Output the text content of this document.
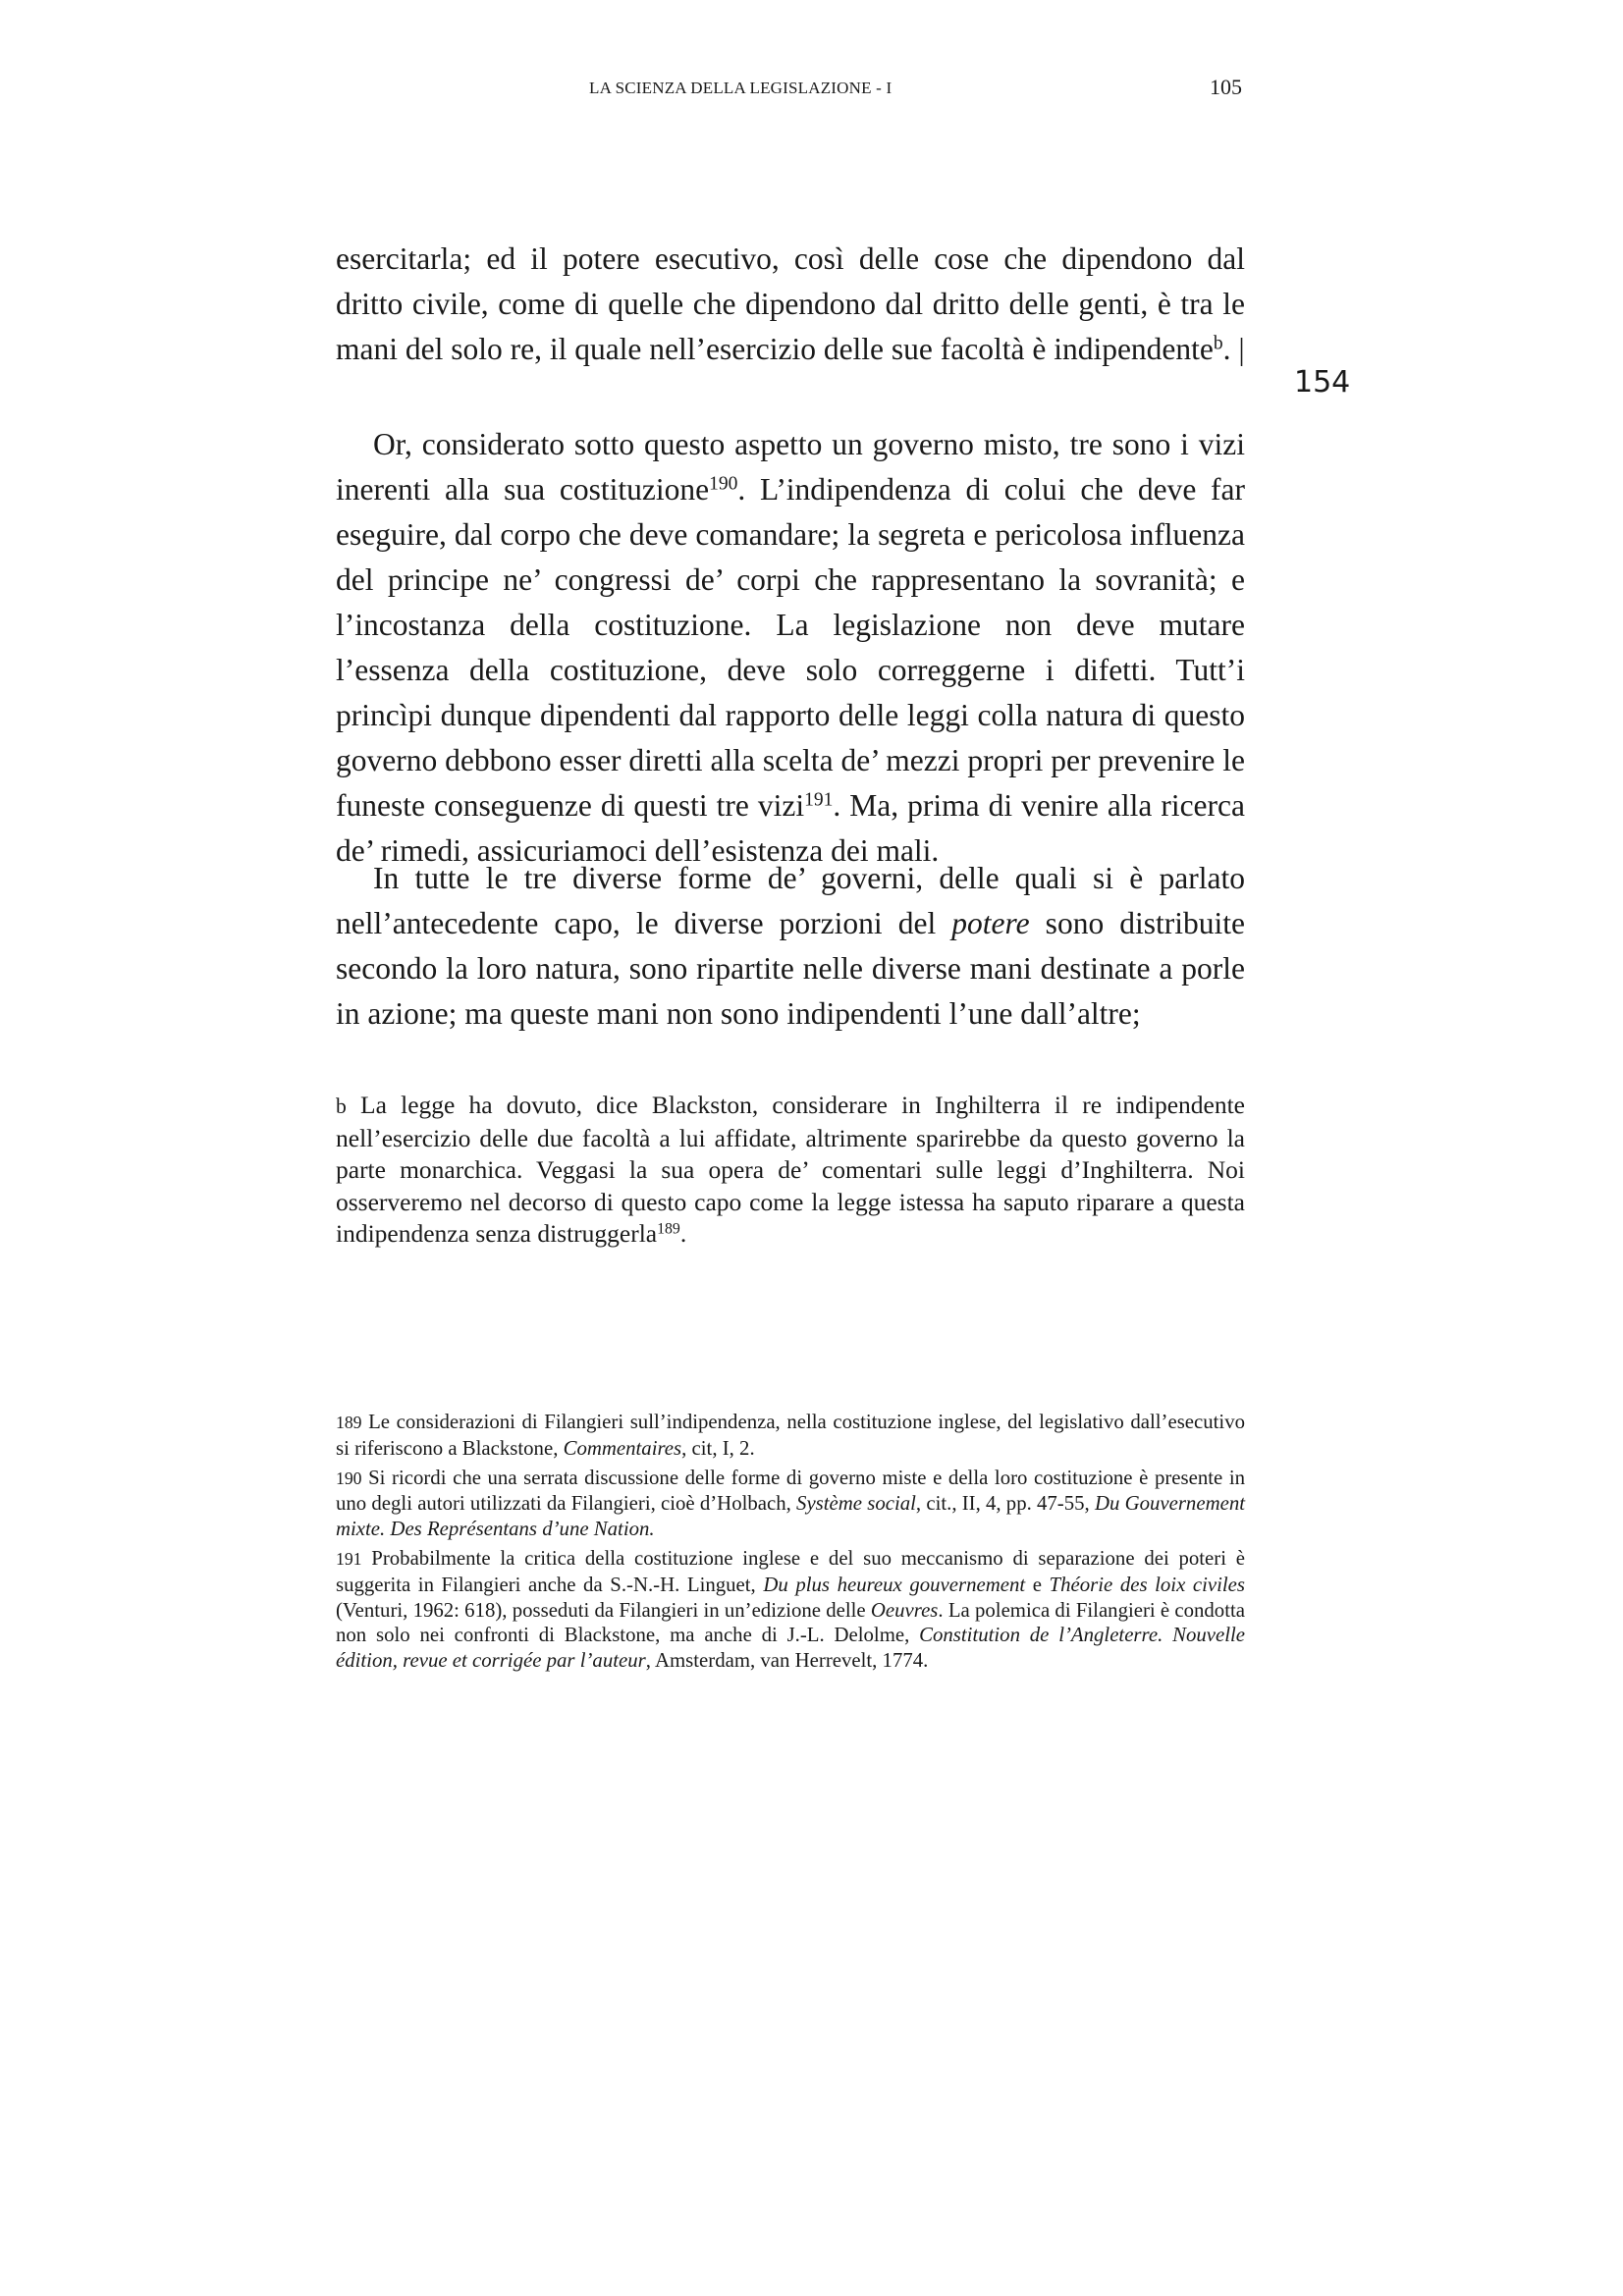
LA SCIENZA DELLA LEGISLAZIONE - I	105
154

esercitarla; ed il potere esecutivo, così delle cose che dipendono dal dritto civile, come di quelle che dipendono dal dritto delle genti, è tra le mani del solo re, il quale nell’esercizio delle sue facoltà è indipendente$^b$. |

Or, considerato sotto questo aspetto un governo misto, tre sono i vizi inerenti alla sua costituzione$^{190}$. L’indipendenza di colui che deve far eseguire, dal corpo che deve comandare; la segreta e pericolosa influenza del principe ne’ congressi de’ corpi che rappresentano la sovranità; e l’incostanza della costituzione. La legislazione non deve mutare l’essenza della costituzione, deve solo correggerne i difetti. Tutt’i princìpi dunque dipendenti dal rapporto delle leggi colla natura di questo governo debbono esser diretti alla scelta de’ mezzi propri per prevenire le funeste conseguenze di questi tre vizi$^{191}$. Ma, prima di venire alla ricerca de’ rimedi, assicuriamoci dell’esistenza dei mali.

In tutte le tre diverse forme de’ governi, delle quali si è parlato nell’antecedente capo, le diverse porzioni del potere sono distribuite secondo la loro natura, sono ripartite nelle diverse mani destinate a porle in azione; ma queste mani non sono indipendenti l’une dall’altre;

b La legge ha dovuto, dice Blackston, considerare in Inghilterra il re indipendente nell’esercizio delle due facoltà a lui affidate, altrimente sparirebbe da questo governo la parte monarchica. Veggasi la sua opera de’ comentari sulle leggi d’Inghilterra. Noi osserveremo nel decorso di questo capo come la legge istessa ha saputo riparare a questa indipendenza senza distruggerla$^{189}$.

189 Le considerazioni di Filangieri sull’indipendenza, nella costituzione inglese, del legislativo dall’esecutivo si riferiscono a Blackstone, Commentaires, cit, I, 2.

190 Si ricordi che una serrata discussione delle forme di governo miste e della loro costituzione è presente in uno degli autori utilizzati da Filangieri, cioè d’Holbach, Système social, cit., II, 4, pp. 47-55, Du Gouvernement mixte. Des Représentans d’une Nation.

191 Probabilmente la critica della costituzione inglese e del suo meccanismo di separazione dei poteri è suggerita in Filangieri anche da S.-N.-H. Linguet, Du plus heureux gouvernement e Théorie des loix civiles (Venturi, 1962: 618), posseduti da Filangieri in un’edizione delle Oeuvres. La polemica di Filangieri è condotta non solo nei confronti di Blackstone, ma anche di J.-L. Delolme, Constitution de l’Angleterre. Nouvelle édition, revue et corrigée par l’auteur, Amsterdam, van Herrevelt, 1774.
